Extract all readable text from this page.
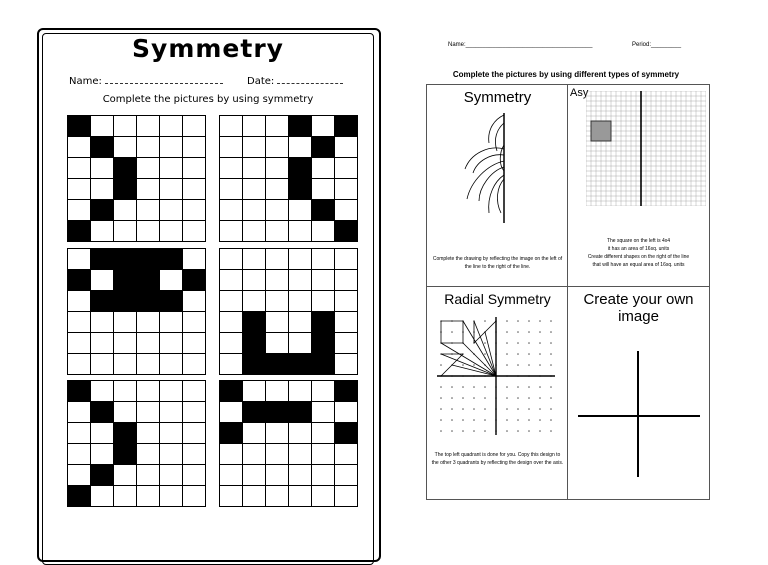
Symmetry
Name:	Date:
Complete the pictures by using symmetry
Name:______________________________________	Period:_________
Complete the pictures by using different types of symmetry
Symmetry
Complete the drawing by reflecting the image on the left of the line to the right of the line.
Asy
The square on the left is 4x4
it has an area of 16sq. units
Create different shapes on the right of the line
that will have an equal area of 16sq. units
Radial Symmetry
The top left quadrant is done for you. Copy this design to the other 3 quadrants by reflecting the design over the axis.
Create your own image
